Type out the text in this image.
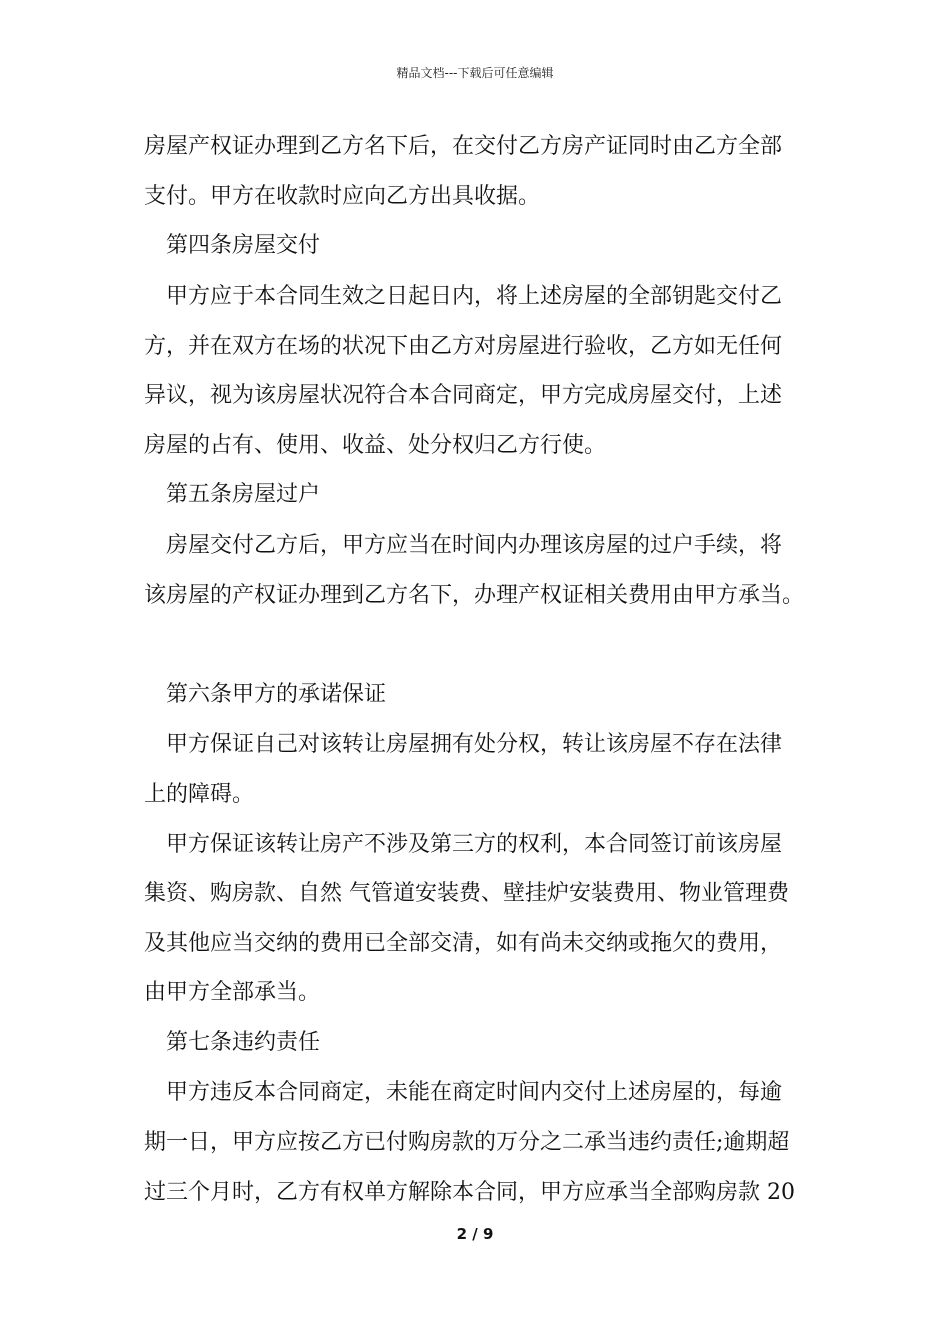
精品文档---下载后可任意编辑
房屋产权证办理到乙方名下后，在交付乙方房产证同时由乙方全部
支付。甲方在收款时应向乙方出具收据。
第四条房屋交付
甲方应于本合同生效之日起日内，将上述房屋的全部钥匙交付乙
方，并在双方在场的状况下由乙方对房屋进行验收，乙方如无任何
异议，视为该房屋状况符合本合同商定，甲方完成房屋交付，上述
房屋的占有、使用、收益、处分权归乙方行使。
第五条房屋过户
房屋交付乙方后，甲方应当在时间内办理该房屋的过户手续，将
该房屋的产权证办理到乙方名下，办理产权证相关费用由甲方承当。
第六条甲方的承诺保证
甲方保证自己对该转让房屋拥有处分权，转让该房屋不存在法律
上的障碍。
甲方保证该转让房产不涉及第三方的权利，本合同签订前该房屋
集资、购房款、自然 气管道安装费、壁挂炉安装费用、物业管理费
及其他应当交纳的费用已全部交清，如有尚未交纳或拖欠的费用，
由甲方全部承当。
第七条违约责任
甲方违反本合同商定，未能在商定时间内交付上述房屋的，每逾
期一日，甲方应按乙方已付购房款的万分之二承当违约责任;逾期超
过三个月时，乙方有权单方解除本合同，甲方应承当全部购房款 20
2 / 9
